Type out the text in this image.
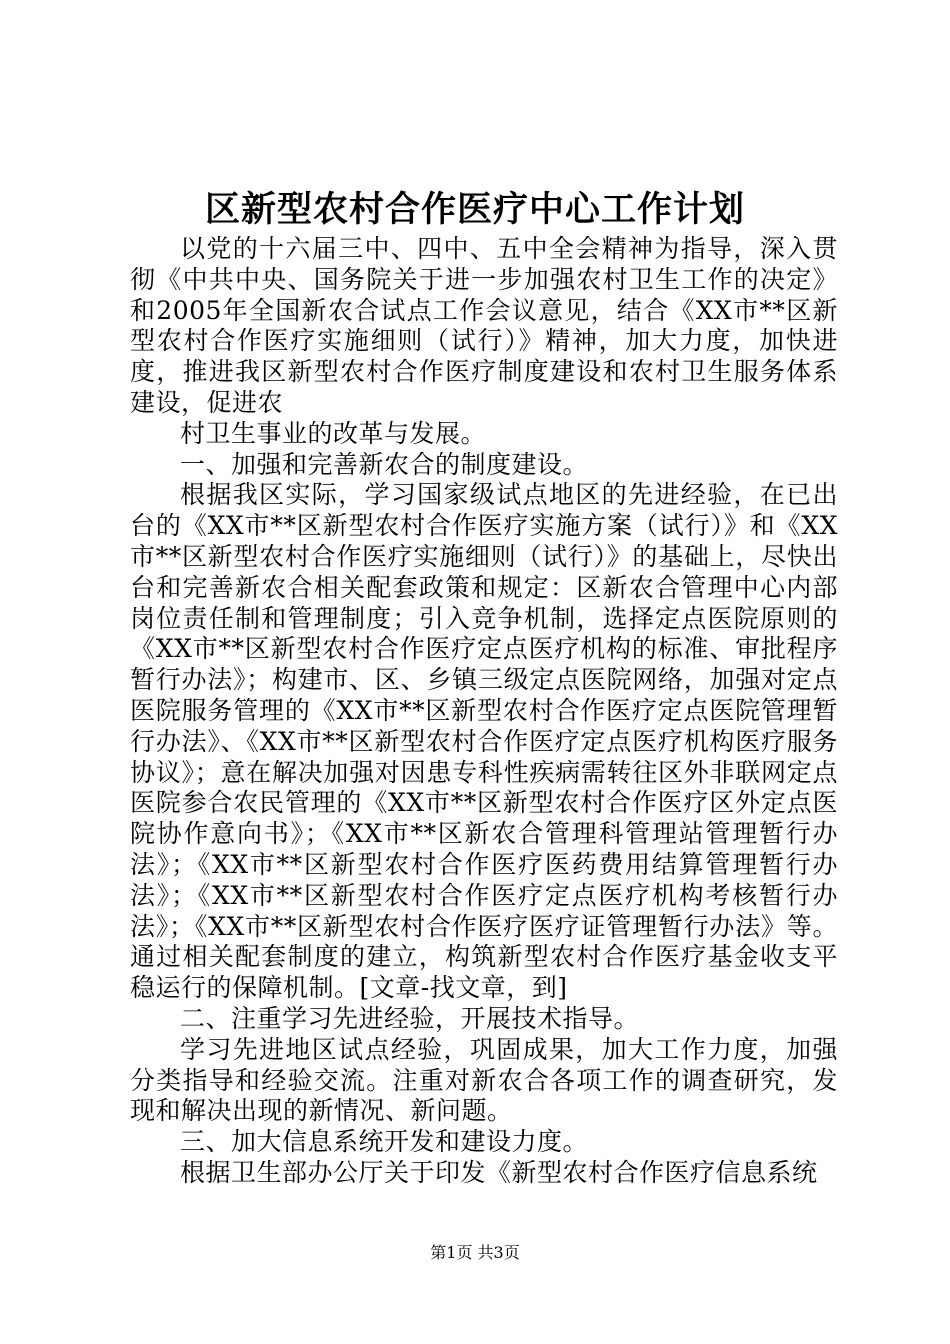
区新型农村合作医疗中心工作计划

以党的十六届三中、四中、五中全会精神为指导，深入贯彻《中共中央、国务院关于进一步加强农村卫生工作的决定》和2005年全国新农合试点工作会议意见，结合《XX市**区新型农村合作医疗实施细则（试行）》精神，加大力度，加快进度，推进我区新型农村合作医疗制度建设和农村卫生服务体系建设，促进农

村卫生事业的改革与发展。

一、加强和完善新农合的制度建设。

根据我区实际，学习国家级试点地区的先进经验，在已出台的《XX市**区新型农村合作医疗实施方案（试行）》和《XX市**区新型农村合作医疗实施细则（试行）》的基础上，尽快出台和完善新农合相关配套政策和规定：区新农合管理中心内部岗位责任制和管理制度；引入竞争机制，选择定点医院原则的《XX市**区新型农村合作医疗定点医疗机构的标准、审批程序暂行办法》；构建市、区、乡镇三级定点医院网络，加强对定点医院服务管理的《XX市**区新型农村合作医疗定点医院管理暂行办法》、《XX市**区新型农村合作医疗定点医疗机构医疗服务协议》；意在解决加强对因患专科性疾病需转往区外非联网定点医院参合农民管理的《XX市**区新型农村合作医疗区外定点医院协作意向书》；《XX市**区新农合管理科管理站管理暂行办法》；《XX市**区新型农村合作医疗医药费用结算管理暂行办法》；《XX市**区新型农村合作医疗定点医疗机构考核暂行办法》；《XX市**区新型农村合作医疗医疗证管理暂行办法》等。通过相关配套制度的建立，构筑新型农村合作医疗基金收支平稳运行的保障机制。[文章-找文章，到]

二、注重学习先进经验，开展技术指导。

学习先进地区试点经验，巩固成果，加大工作力度，加强分类指导和经验交流。注重对新农合各项工作的调查研究，发现和解决出现的新情况、新问题。

三、加大信息系统开发和建设力度。

根据卫生部办公厅关于印发《新型农村合作医疗信息系统

第1页 共3页
